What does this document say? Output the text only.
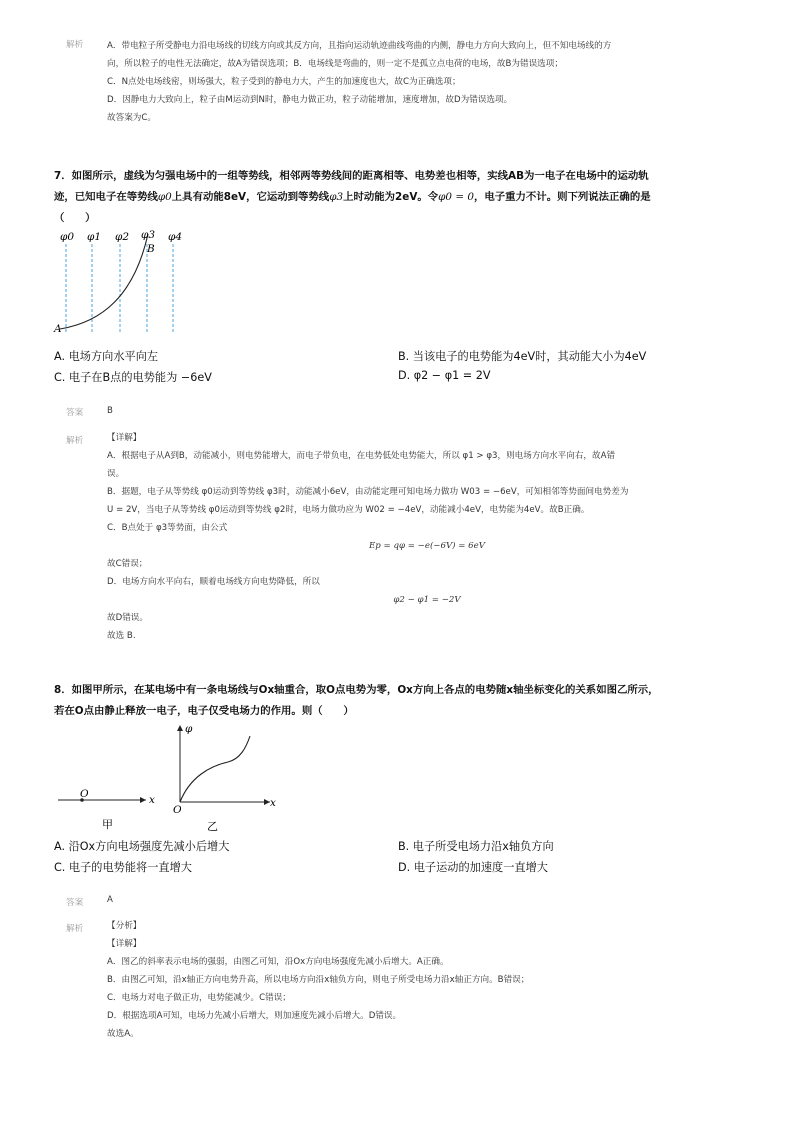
解析	A．带电粒子所受静电力沿电场线的切线方向或其反方向，且指向运动轨迹曲线弯曲的内侧，静电力方向大致向上，但不知电场线的方
向，所以粒子的电性无法确定，故A为错误选项；B．电场线是弯曲的，则一定不是孤立点电荷的电场，故B为错误选项；
C．N点处电场线密，则场强大，粒子受到的静电力大，产生的加速度也大，故C为正确选项；
D．因静电力大致向上，粒子由M运动到N时，静电力做正功，粒子动能增加，速度增加，故D为错误选项。
故答案为C。
7．如图所示，虚线为匀强电场中的一组等势线，相邻两等势线间的距离相等、电势差也相等，实线AB为一电子在电场中的运动轨
迹，已知电子在等势线φ0上具有动能8eV，它运动到等势线φ3上时动能为2eV。令φ0 = 0，电子重力不计。则下列说法正确的是
（　　）
φ0 φ1 φ2 φ3 φ4
B
A
A. 电场方向水平向左	B. 当该电子的电势能为4eV时，其动能大小为4eV
C. 电子在B点的电势能为 −6eV	D. φ2 − φ1 = 2V
答案	B
解析	【详解】
A．根据电子从A到B，动能减小，则电势能增大，而电子带负电，在电势低处电势能大，所以 φ1 > φ3，则电场方向水平向右，故A错
误。
B．据题，电子从等势线 φ0运动到等势线 φ3时，动能减小6eV，由动能定理可知电场力做功 W03 = −6eV，可知相邻等势面间电势差为
U = 2V，当电子从等势线 φ0运动到等势线 φ2时，电场力做功应为 W02 = −4eV，动能减小4eV，电势能为4eV。故B正确。
C．B点处于 φ3等势面，由公式
Ep = qφ = −e(−6V) = 6eV
故C错误；
D．电场方向水平向右，顺着电场线方向电势降低，所以
φ2 − φ1 = −2V
故D错误。
故选 B.
8．如图甲所示，在某电场中有一条电场线与Ox轴重合，取O点电势为零，Ox方向上各点的电势随x轴坐标变化的关系如图乙所示，
若在O点由静止释放一电子，电子仅受电场力的作用。则（　　）
O	x
甲
φ
O
x
乙
A. 沿Ox方向电场强度先减小后增大	B. 电子所受电场力沿x轴负方向
C. 电子的电势能将一直增大	D. 电子运动的加速度一直增大
答案	A
解析	【分析】
【详解】
A．图乙的斜率表示电场的强弱，由图乙可知，沿Ox方向电场强度先减小后增大。A正确。
B．由图乙可知，沿x轴正方向电势升高，所以电场方向沿x轴负方向，则电子所受电场力沿x轴正方向。B错误；
C．电场力对电子做正功，电势能减少。C错误；
D．根据选项A可知，电场力先减小后增大，则加速度先减小后增大。D错误。
故选A。
